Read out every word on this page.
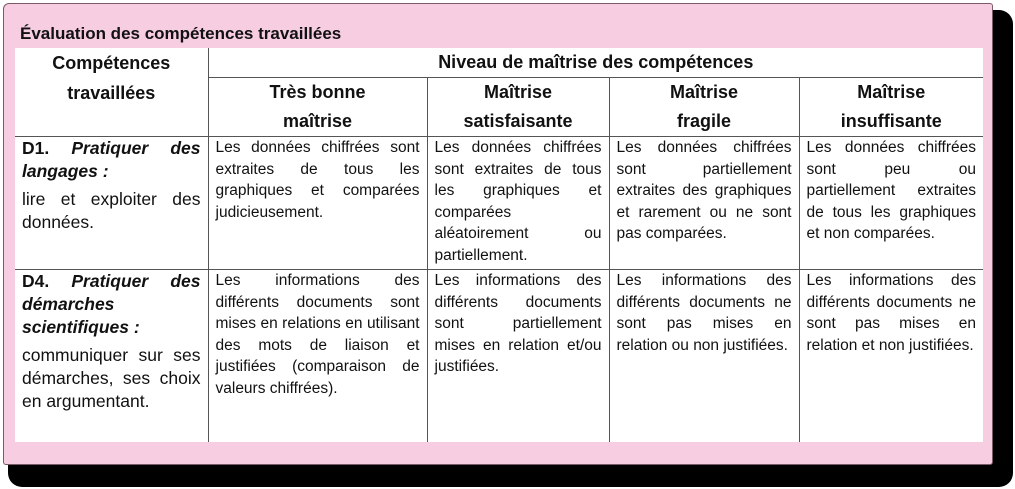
Évaluation des compétences travaillées
Compétences travaillées	Niveau de maîtrise des compétences			
	Très bonne maîtrise	Maîtrise satisfaisante	Maîtrise fragile	Maîtrise insuffisante
D1. Pratiquer des langages :
lire et exploiter des données.	Les données chiffrées sont extraites de tous les graphiques et comparées judicieusement.	Les données chiffrées sont extraites de tous les graphiques et comparées aléatoirement ou partiellement.	Les données chiffrées sont partiellement extraites des graphiques et rarement ou ne sont pas comparées.	Les données chiffrées sont peu ou partiellement extraites de tous les graphiques et non comparées.
D4. Pratiquer des démarches scientifiques :
communiquer sur ses démarches, ses choix en argumentant.	Les informations des différents documents sont mises en relations en utilisant des mots de liaison et justifiées (comparaison de valeurs chiffrées).	Les informations des différents documents sont partiellement mises en relation et/ou justifiées.	Les informations des différents documents ne sont pas mises en relation ou non justifiées.	Les informations des différents documents ne sont pas mises en relation et non justifiées.
